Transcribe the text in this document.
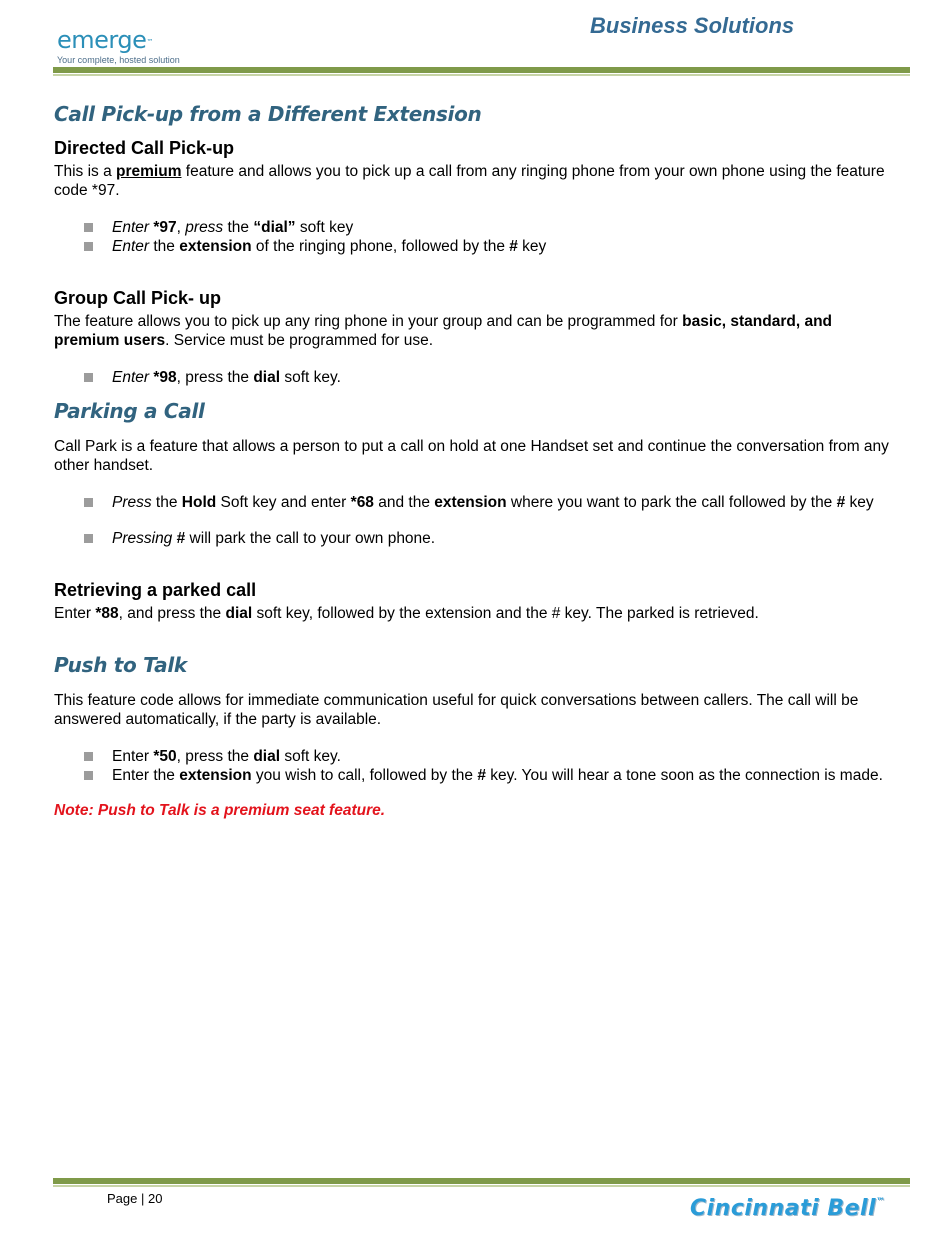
emerge™
Your complete, hosted solution
Business Solutions
Call Pick-up from a Different Extension
Directed Call Pick-up

This is a premium feature and allows you to pick up a call from any ringing phone from your own phone using the feature code *97.

Enter *97, press the “dial” soft key
Enter the extension of the ringing phone, followed by the # key
Group Call Pick- up

The feature allows you to pick up any ring phone in your group and can be programmed for basic, standard, and premium users. Service must be programmed for use.

Enter *98, press the dial soft key.
Parking a Call

Call Park is a feature that allows a person to put a call on hold at one Handset set and continue the conversation from any other handset.

Press the Hold Soft key and enter *68 and the extension where you want to park the call followed by the # key
Pressing # will park the call to your own phone.
Retrieving a parked call

Enter *88, and press the dial soft key, followed by the extension and the # key. The parked is retrieved.

Push to Talk

This feature code allows for immediate communication useful for quick conversations between callers. The call will be answered automatically, if the party is available.

Enter *50, press the dial soft key.
Enter the extension you wish to call, followed by the # key. You will hear a tone soon as the connection is made.

Note: Push to Talk is a premium seat feature.

Page | 20	Cincinnati Bell™
